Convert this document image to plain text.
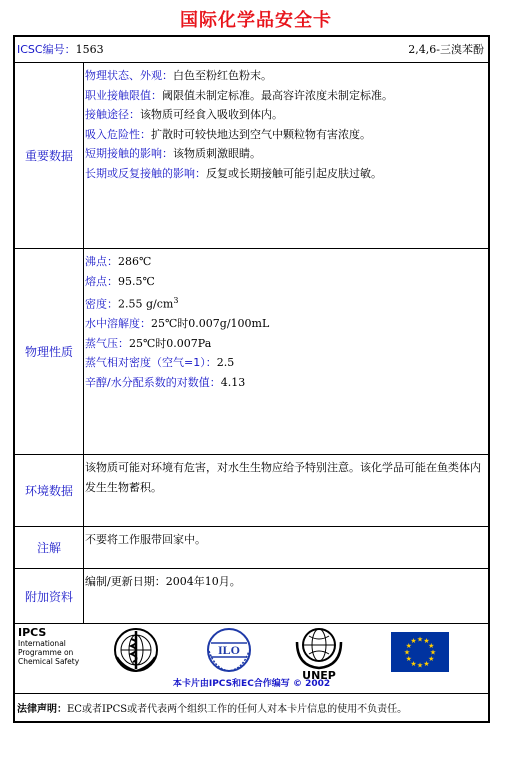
国际化学品安全卡
ICSC编号：1563	2,4,6-三溴苯酚
重要数据
物理状态、外观：白色至粉红色粉末。
职业接触限值：阈限值未制定标准。最高容许浓度未制定标准。
接触途径：该物质可经食入吸收到体内。
吸入危险性：扩散时可较快地达到空气中颗粒物有害浓度。
短期接触的影响：该物质刺激眼睛。
长期或反复接触的影响：反复或长期接触可能引起皮肤过敏。
物理性质
沸点：286℃
熔点：95.5℃
密度：2.55 $g/cm^3$
水中溶解度：25℃时0.007g/100mL
蒸气压：25℃时0.007Pa
蒸气相对密度（空气=1）：2.5
辛醇/水分配系数的对数值：4.13
环境数据
该物质可能对环境有危害，对水生生物应给予特别注意。该化学品可能在鱼类体内发生生物蓄积。
注解
不要将工作服带回家中。
附加资料
编制/更新日期：2004年10月。
IPCS
International
Programme on
Chemical Safety
ILO
UNEP
★ ★
★
★
★
★
★
★
★
★
★
★
本卡片由IPCS和EC合作编写 © 2002
法律声明：EC或者IPCS或者代表两个组织工作的任何人对本卡片信息的使用不负责任。
